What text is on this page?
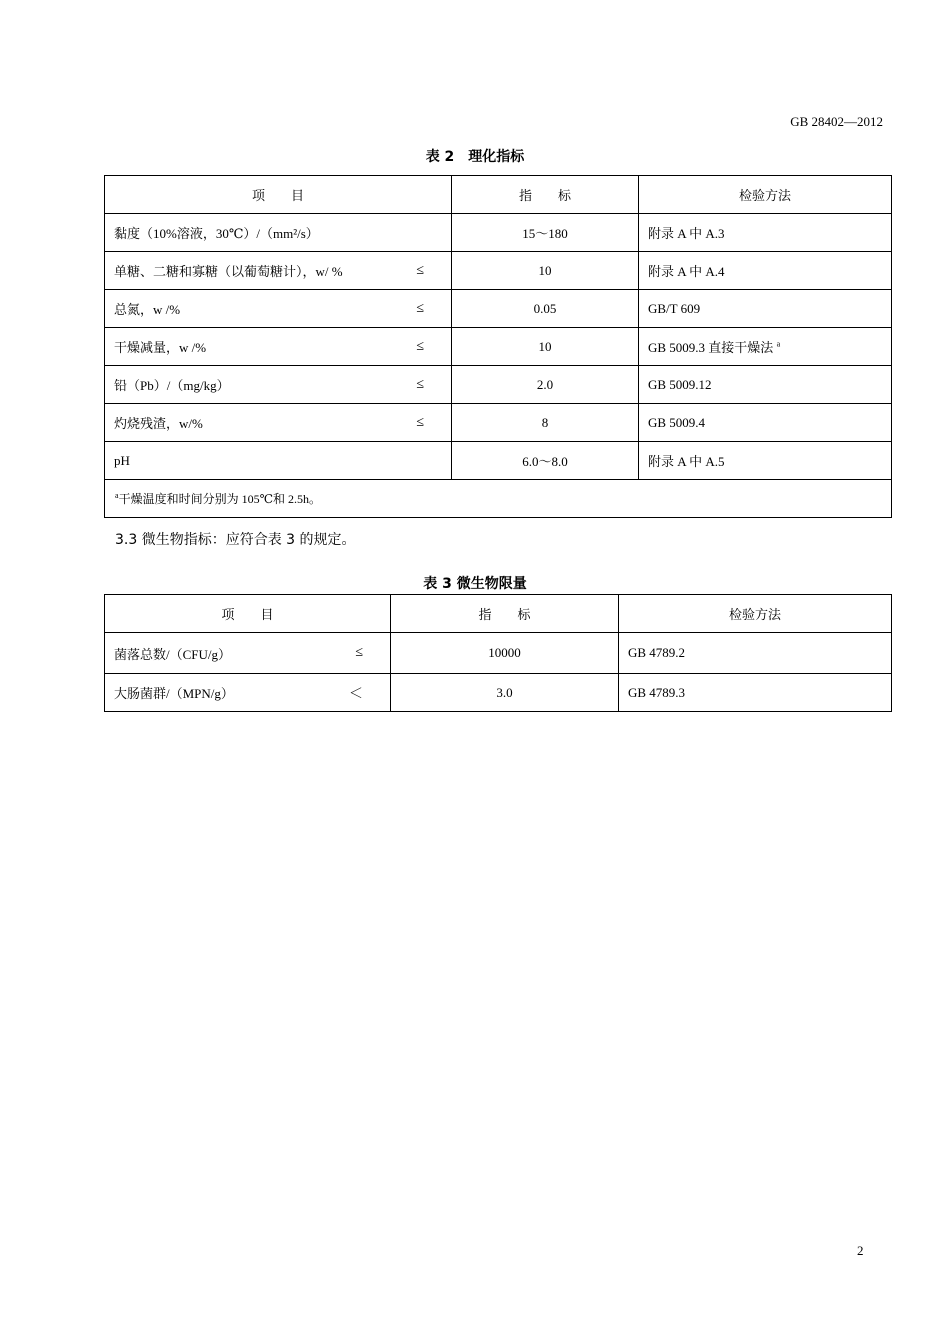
GB 28402—2012
表 2　理化指标
项　　目	指　　标	检验方法

黏度（10%溶液，30℃）/（mm²/s）	15～180	附录 A 中 A.3

单糖、二糖和寡糖（以葡萄糖计），w/ % ≤	10	附录 A 中 A.4

总氮，w /% ≤	0.05	GB/T 609

干燥减量，w /% ≤	10	GB 5009.3 直接干燥法 $^a$

铅（Pb）/（mg/kg） ≤	2.0	GB 5009.12

灼烧残渣，w/% ≤	8	GB 5009.4

pH	6.0～8.0	附录 A 中 A.5
$^a$干燥温度和时间分别为 105℃和 2.5h。		
3.3 微生物指标：应符合表 3 的规定。
表 3 微生物限量
项　　目	指　　标	检验方法

菌落总数/（CFU/g） ≤	10000	GB 4789.2

大肠菌群/（MPN/g） ＜	3.0	GB 4789.3
2
